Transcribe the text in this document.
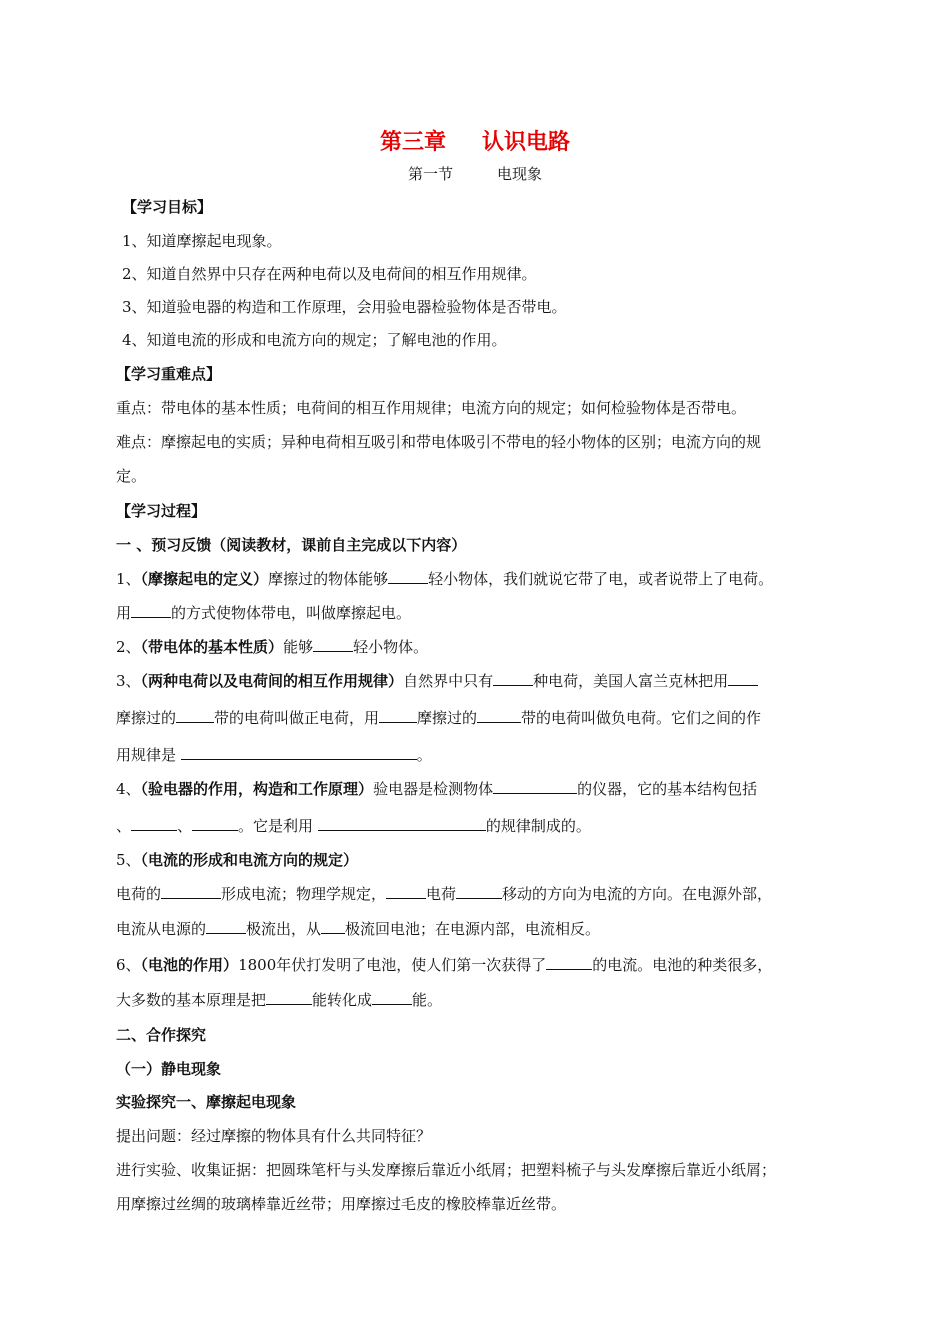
第三章 认识电路
第一节	电现象
【学习目标】
1、知道摩擦起电现象。
2、知道自然界中只存在两种电荷以及电荷间的相互作用规律。
3、知道验电器的构造和工作原理，会用验电器检验物体是否带电。
4、知道电流的形成和电流方向的规定；了解电池的作用。
【学习重难点】
重点：带电体的基本性质；电荷间的相互作用规律；电流方向的规定；如何检验物体是否带电。
难点：摩擦起电的实质；异种电荷相互吸引和带电体吸引不带电的轻小物体的区别；电流方向的规
定。
【学习过程】
一 、预习反馈（阅读教材，课前自主完成以下内容）
1、（摩擦起电的定义）摩擦过的物体能够	轻小物体，我们就说它带了电，或者说带上了电荷。
用	的方式使物体带电，叫做摩擦起电。
2、（带电体的基本性质）能够	轻小物体。
3、（两种电荷以及电荷间的相互作用规律）自然界中只有	种电荷，美国人富兰克林把用
摩擦过的	带的电荷叫做正电荷，用	摩擦过的	带的电荷叫做负电荷。它们之间的作
用规律是	。
4、（验电器的作用，构造和工作原理）验电器是检测物体	的仪器，它的基本结构包括
、	、	。它是利用	的规律制成的。
5、（电流的形成和电流方向的规定）
电荷的	形成电流；物理学规定，	电荷	移动的方向为电流的方向。在电源外部，
电流从电源的	极流出，从 极流回电池；在电源内部，电流相反。
6、（电池的作用）1800年伏打发明了电池，使人们第一次获得了	的电流。电池的种类很多，
大多数的基本原理是把	能转化成	能。
二、合作探究
（一）静电现象
实验探究一、摩擦起电现象
提出问题：经过摩擦的物体具有什么共同特征？
进行实验、收集证据：把圆珠笔杆与头发摩擦后靠近小纸屑；把塑料梳子与头发摩擦后靠近小纸屑；
用摩擦过丝绸的玻璃棒靠近丝带；用摩擦过毛皮的橡胶棒靠近丝带。
